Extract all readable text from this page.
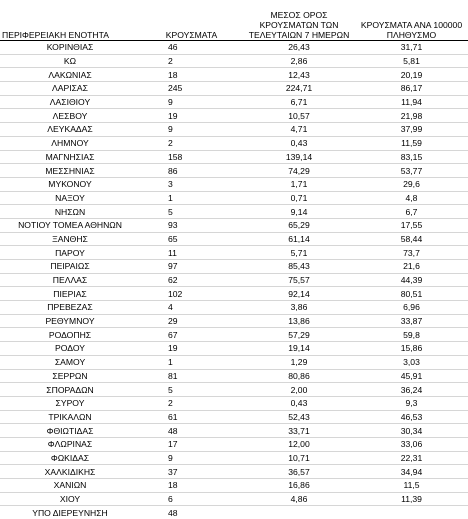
ΠΕΡΙΦΕΡΕΙΑΚΗ ΕΝΟΤΗΤΑ	ΚΡΟΥΣΜΑΤΑ	ΜΕΣΟΣ ΟΡΟΣ ΚΡΟΥΣΜΑΤΩΝ ΤΩΝ ΤΕΛΕΥΤΑΙΩΝ 7 ΗΜΕΡΩΝ	ΚΡΟΥΣΜΑΤΑ ΑΝΑ 100000 ΠΛΗΘΥΣΜΟ
ΚΟΡΙΝΘΙΑΣ	46	26,43	31,71
ΚΩ	2	2,86	5,81
ΛΑΚΩΝΙΑΣ	18	12,43	20,19
ΛΑΡΙΣΑΣ	245	224,71	86,17
ΛΑΣΙΘΙΟΥ	9	6,71	11,94
ΛΕΣΒΟΥ	19	10,57	21,98
ΛΕΥΚΑΔΑΣ	9	4,71	37,99
ΛΗΜΝΟΥ	2	0,43	11,59
ΜΑΓΝΗΣΙΑΣ	158	139,14	83,15
ΜΕΣΣΗΝΙΑΣ	86	74,29	53,77
ΜΥΚΟΝΟΥ	3	1,71	29,6
ΝΑΞΟΥ	1	0,71	4,8
ΝΗΣΩΝ	5	9,14	6,7
ΝΟΤΙΟΥ ΤΟΜΕΑ ΑΘΗΝΩΝ	93	65,29	17,55
ΞΑΝΘΗΣ	65	61,14	58,44
ΠΑΡΟΥ	11	5,71	73,7
ΠΕΙΡΑΙΩΣ	97	85,43	21,6
ΠΕΛΛΑΣ	62	75,57	44,39
ΠΙΕΡΙΑΣ	102	92,14	80,51
ΠΡΕΒΕΖΑΣ	4	3,86	6,96
ΡΕΘΥΜΝΟΥ	29	13,86	33,87
ΡΟΔΟΠΗΣ	67	57,29	59,8
ΡΟΔΟΥ	19	19,14	15,86
ΣΑΜΟΥ	1	1,29	3,03
ΣΕΡΡΩΝ	81	80,86	45,91
ΣΠΟΡΑΔΩΝ	5	2,00	36,24
ΣΥΡΟΥ	2	0,43	9,3
ΤΡΙΚΑΛΩΝ	61	52,43	46,53
ΦΘΙΩΤΙΔΑΣ	48	33,71	30,34
ΦΛΩΡΙΝΑΣ	17	12,00	33,06
ΦΩΚΙΔΑΣ	9	10,71	22,31
ΧΑΛΚΙΔΙΚΗΣ	37	36,57	34,94
ΧΑΝΙΩΝ	18	16,86	11,5
ΧΙΟΥ	6	4,86	11,39
ΥΠΟ ΔΙΕΡΕΥΝΗΣΗ	48		
